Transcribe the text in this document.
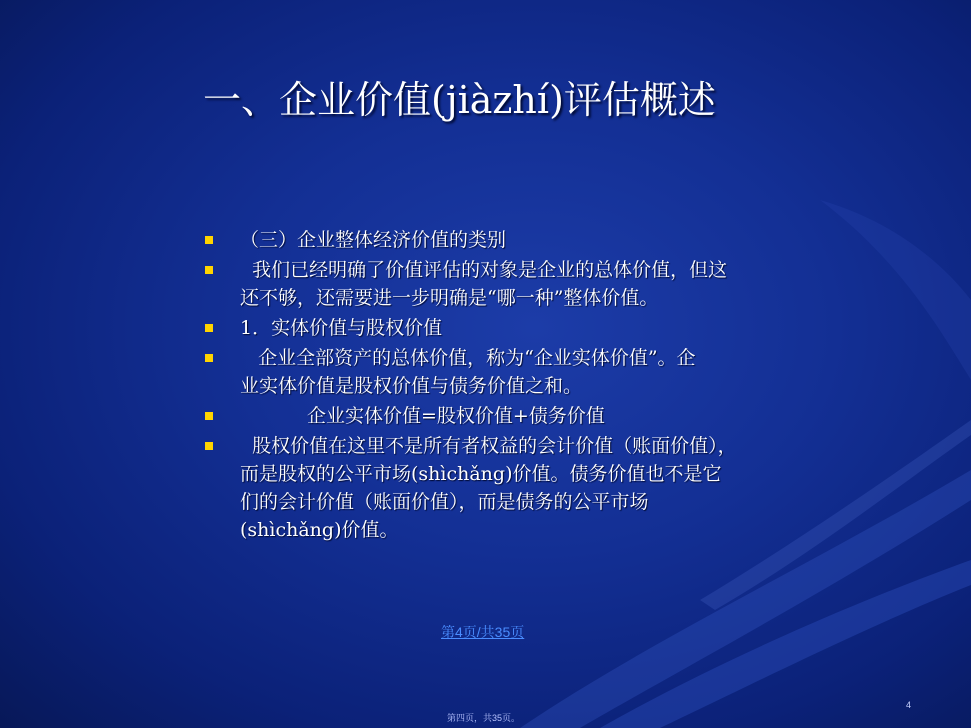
一、企业价值(jiàzhí)评估概述
（三）企业整体经济价值的类别
我们已经明确了价值评估的对象是企业的总体价值，但这
还不够，还需要进一步明确是“哪一种”整体价值。
1．实体价值与股权价值
企业全部资产的总体价值，称为“企业实体价值”。企
业实体价值是股权价值与债务价值之和。
企业实体价值=股权价值+债务价值
股权价值在这里不是所有者权益的会计价值（账面价值），
而是股权的公平市场(shìchǎng)价值。债务价值也不是它
们的会计价值（账面价值），而是债务的公平市场
(shìchǎng)价值。
第4页/共35页
4
第四页，共35页。
